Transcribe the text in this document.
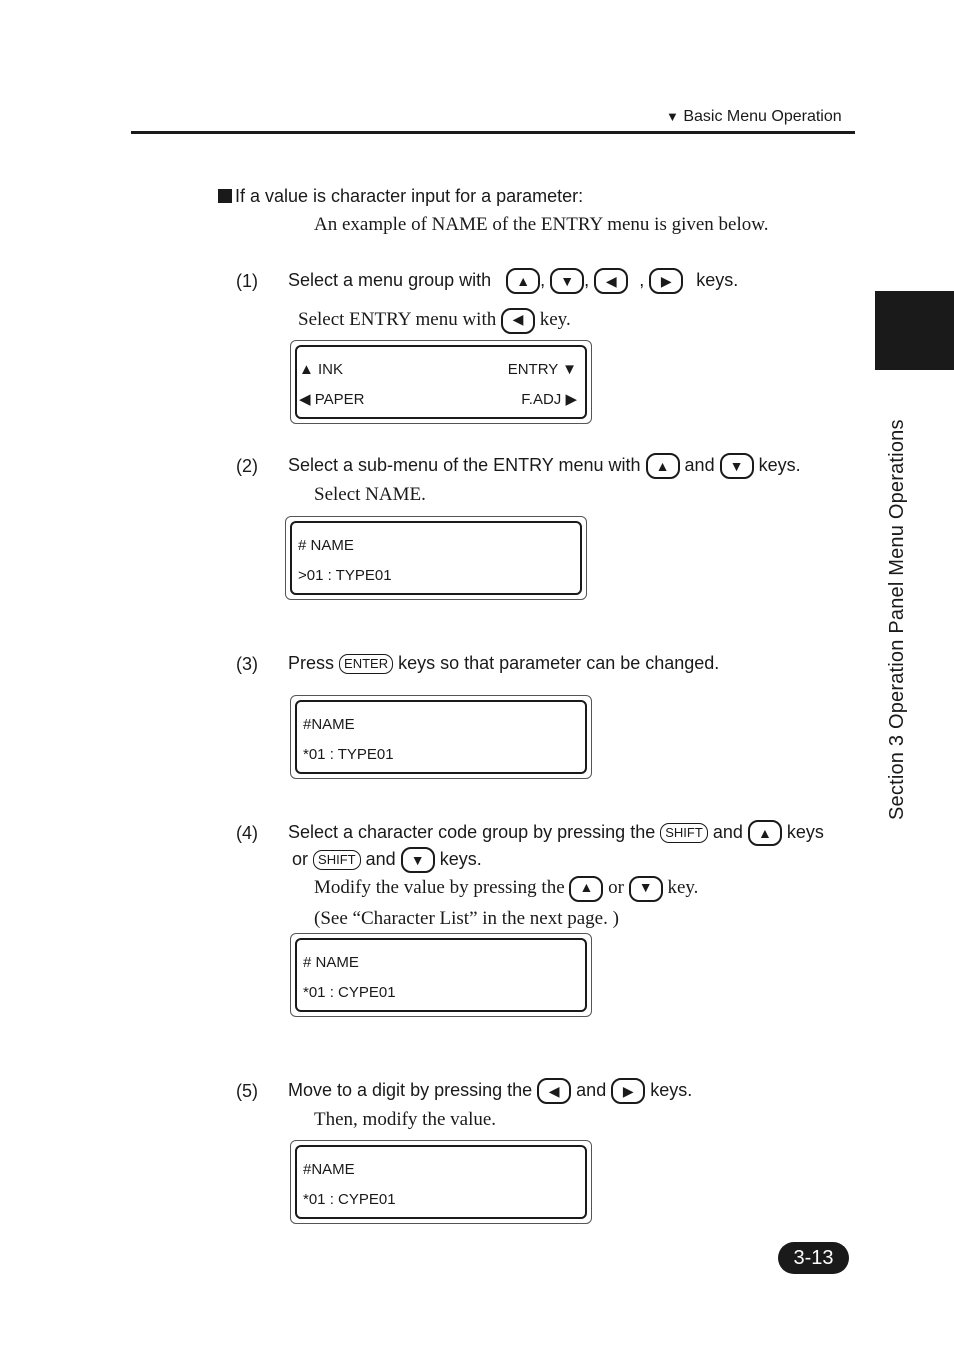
▼ Basic Menu Operation
Section 3 Operation Panel Menu Operations
If a value is character input for a parameter:
An example of NAME of the ENTRY menu is given below.
(1) Select a menu group with ▲ , ▼ , ◀ , ▶ keys.
Select ENTRY menu with ◀ key.
▲ INK	ENTRY ▼
◀ PAPER	F.ADJ ▶
(2) Select a sub-menu of the ENTRY menu with ▲ and ▼ keys.
Select NAME.
# NAME
>01 : TYPE01
(3) Press ENTER keys so that parameter can be changed.
#NAME
*01 : TYPE01
(4) Select a character code group by pressing the SHIFT and ▲ keys
or SHIFT and ▼ keys.
Modify the value by pressing the ▲ or ▼ key.
(See “Character List” in the next page. )
# NAME
*01 : CYPE01
(5) Move to a digit by pressing the ◀ and ▶ keys.
Then, modify the value.
#NAME
*01 : CYPE01
3-13
